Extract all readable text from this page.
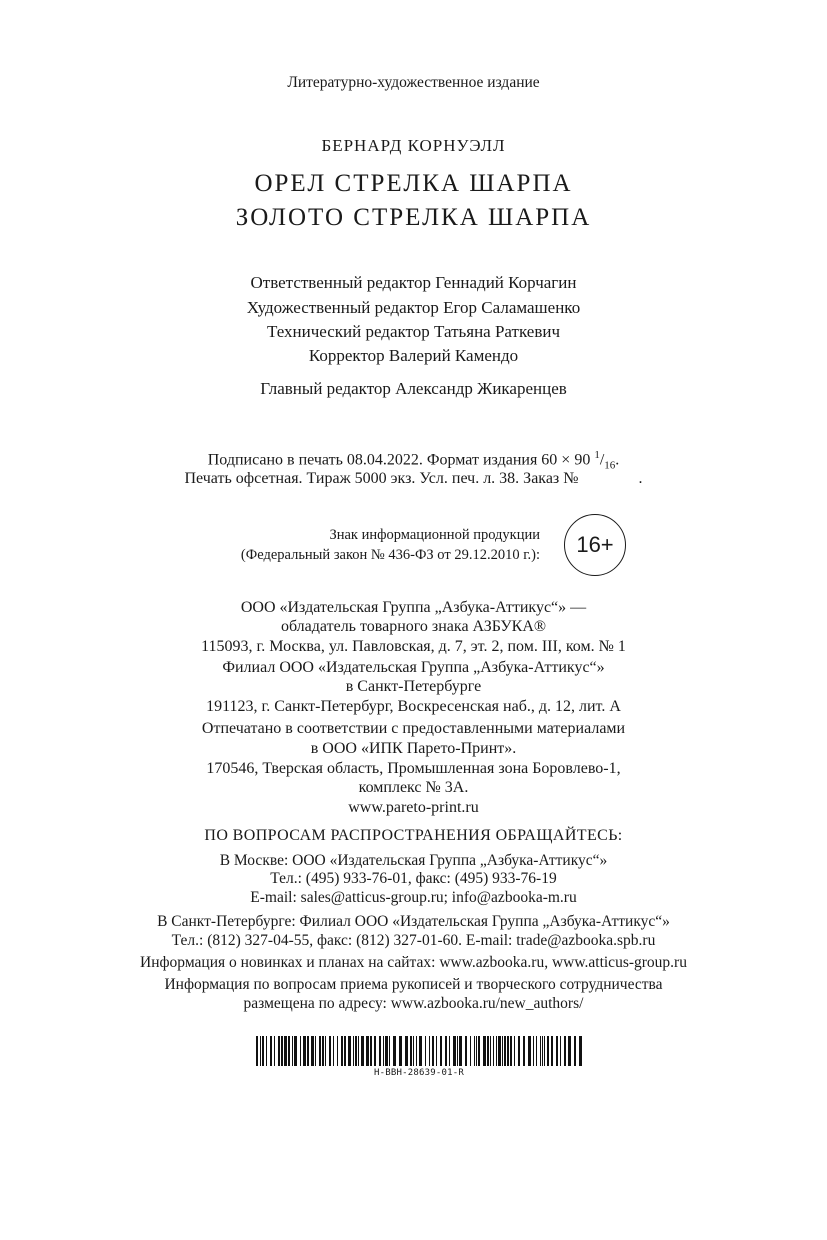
Литературно-художественное издание
БЕРНАРД КОРНУЭЛЛ
ОРЕЛ СТРЕЛКА ШАРПА
ЗОЛОТО СТРЕЛКА ШАРПА
Ответственный редактор Геннадий Корчагин
Художественный редактор Егор Саламашенко
Технический редактор Татьяна Раткевич
Корректор Валерий Камендо
Главный редактор Александр Жикаренцев
Подписано в печать 08.04.2022. Формат издания 60 × 90 $^1/_{16}$.
Печать офсетная. Тираж 5000 экз. Усл. печ. л. 38. Заказ №	.
Знак информационной продукции
(Федеральный закон № 436-ФЗ от 29.12.2010 г.):	16+
ООО «Издательская Группа „Азбука-Аттикус“» —
обладатель товарного знака АЗБУКА®
115093, г. Москва, ул. Павловская, д. 7, эт. 2, пом. III, ком. № 1
Филиал ООО «Издательская Группа „Азбука-Аттикус“»
в Санкт-Петербурге
191123, г. Санкт-Петербург, Воскресенская наб., д. 12, лит. А
Отпечатано в соответствии с предоставленными материалами
в ООО «ИПК Парето-Принт».
170546, Тверская область, Промышленная зона Боровлево-1,
комплекс № 3А.
www.pareto-print.ru
ПО ВОПРОСАМ РАСПРОСТРАНЕНИЯ ОБРАЩАЙТЕСЬ:
В Москве: ООО «Издательская Группа „Азбука-Аттикус“»
Тел.: (495) 933-76-01, факс: (495) 933-76-19
E-mail: sales@atticus-group.ru; info@azbooka-m.ru
В Санкт-Петербурге: Филиал ООО «Издательская Группа „Азбука-Аттикус“»
Тел.: (812) 327-04-55, факс: (812) 327-01-60. E-mail: trade@azbooka.spb.ru
Информация о новинках и планах на сайтах: www.azbooka.ru, www.atticus-group.ru
Информация по вопросам приема рукописей и творческого сотрудничества
размещена по адресу: www.azbooka.ru/new_authors/
H-BBH-28639-01-R
